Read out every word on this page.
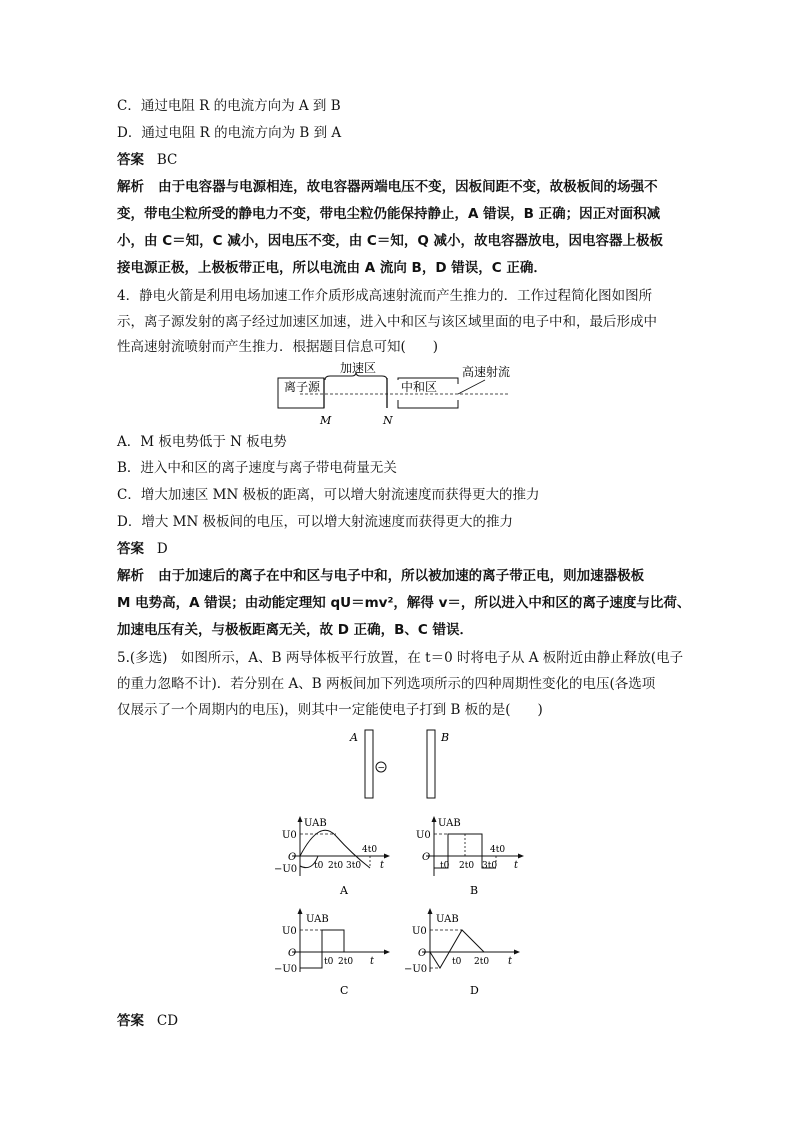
C．通过电阻 R 的电流方向为 A 到 B
D．通过电阻 R 的电流方向为 B 到 A
答案 BC
解析 由于电容器与电源相连，故电容器两端电压不变，因板间距不变，故极板间的场强不
变，带电尘粒所受的静电力不变，带电尘粒仍能保持静止，A 错误，B 正确；因正对面积减
小，由 C＝知，C 减小，因电压不变，由 C＝知，Q 减小，故电容器放电，因电容器上极板
接电源正极，上极板带正电，所以电流由 A 流向 B，D 错误，C 正确．
4．静电火箭是利用电场加速工作介质形成高速射流而产生推力的．工作过程简化图如图所
示，离子源发射的离子经过加速区加速，进入中和区与该区域里面的电子中和，最后形成中
性高速射流喷射而产生推力．根据题目信息可知(　　)
加速区
离子源	中和区
高速射流
M	N
A．M 板电势低于 N 板电势
B．进入中和区的离子速度与离子带电荷量无关
C．增大加速区 MN 极板的距离，可以增大射流速度而获得更大的推力
D．增大 MN 极板间的电压，可以增大射流速度而获得更大的推力
答案 D
解析 由于加速后的离子在中和区与电子中和，所以被加速的离子带正电，则加速器极板
M 电势高，A 错误；由动能定理知 qU＝mv²，解得 v＝，所以进入中和区的离子速度与比荷、
加速电压有关，与极板距离无关，故 D 正确，B、C 错误．
5.(多选)　如图所示，A、B 两导体板平行放置，在 t＝0 时将电子从 A 板附近由静止释放(电子
的重力忽略不计)．若分别在 A、B 两板间加下列选项所示的四种周期性变化的电压(各选项
仅展示了一个周期内的电压)，则其中一定能使电子打到 B 板的是(　　)
A
−
B
UAB
U0
O
−U0 t0 2t0 3t0
4t0
t
A
UAB
U0
O
t0 2t0 3t0
4t0
t
B
UAB
U0
O
−U0
t0 2t0 t
C
UAB
U0
O
−U0
t0 2t0 t
D
答案 CD
